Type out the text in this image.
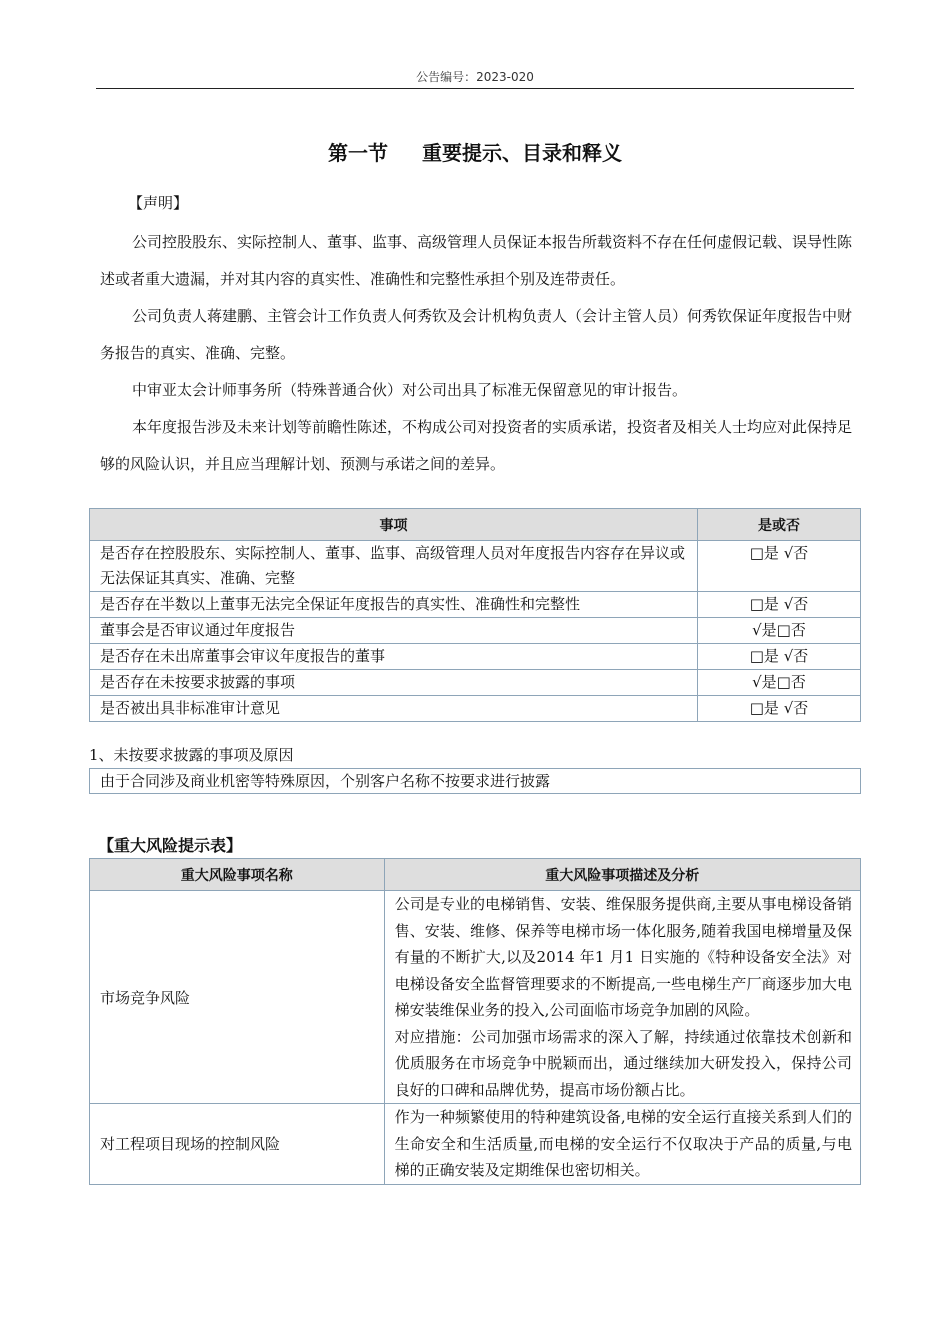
公告编号：2023-020
第一节 重要提示、目录和释义
【声明】

公司控股股东、实际控制人、董事、监事、高级管理人员保证本报告所载资料不存在任何虚假记载、误导性陈述或者重大遗漏，并对其内容的真实性、准确性和完整性承担个别及连带责任。

公司负责人蒋建鹏、主管会计工作负责人何秀钦及会计机构负责人（会计主管人员）何秀钦保证年度报告中财务报告的真实、准确、完整。

中审亚太会计师事务所（特殊普通合伙）对公司出具了标准无保留意见的审计报告。

本年度报告涉及未来计划等前瞻性陈述，不构成公司对投资者的实质承诺，投资者及相关人士均应对此保持足够的风险认识，并且应当理解计划、预测与承诺之间的差异。

事项	是或否
是否存在控股股东、实际控制人、董事、监事、高级管理人员对年度报告内容存在异议或无法保证其真实、准确、完整	□是 √否
是否存在半数以上董事无法完全保证年度报告的真实性、准确性和完整性	□是 √否
董事会是否审议通过年度报告	√是□否
是否存在未出席董事会审议年度报告的董事	□是 √否
是否存在未按要求披露的事项	√是□否
是否被出具非标准审计意见	□是 √否
1、未按要求披露的事项及原因
由于合同涉及商业机密等特殊原因，个别客户名称不按要求进行披露
【重大风险提示表】
重大风险事项名称	重大风险事项描述及分析
市场竞争风险	公司是专业的电梯销售、安装、维保服务提供商,主要从事电梯设备销售、安装、维修、保养等电梯市场一体化服务,随着我国电梯增量及保有量的不断扩大,以及2014 年1 月1 日实施的《特种设备安全法》对电梯设备安全监督管理要求的不断提高,一些电梯生产厂商逐步加大电梯安装维保业务的投入,公司面临市场竞争加剧的风险。

对应措施：公司加强市场需求的深入了解，持续通过依靠技术创新和优质服务在市场竞争中脱颖而出，通过继续加大研发投入，保持公司良好的口碑和品牌优势，提高市场份额占比。

对工程项目现场的控制风险	作为一种频繁使用的特种建筑设备,电梯的安全运行直接关系到人们的生命安全和生活质量,而电梯的安全运行不仅取决于产品的质量,与电梯的正确安装及定期维保也密切相关。
